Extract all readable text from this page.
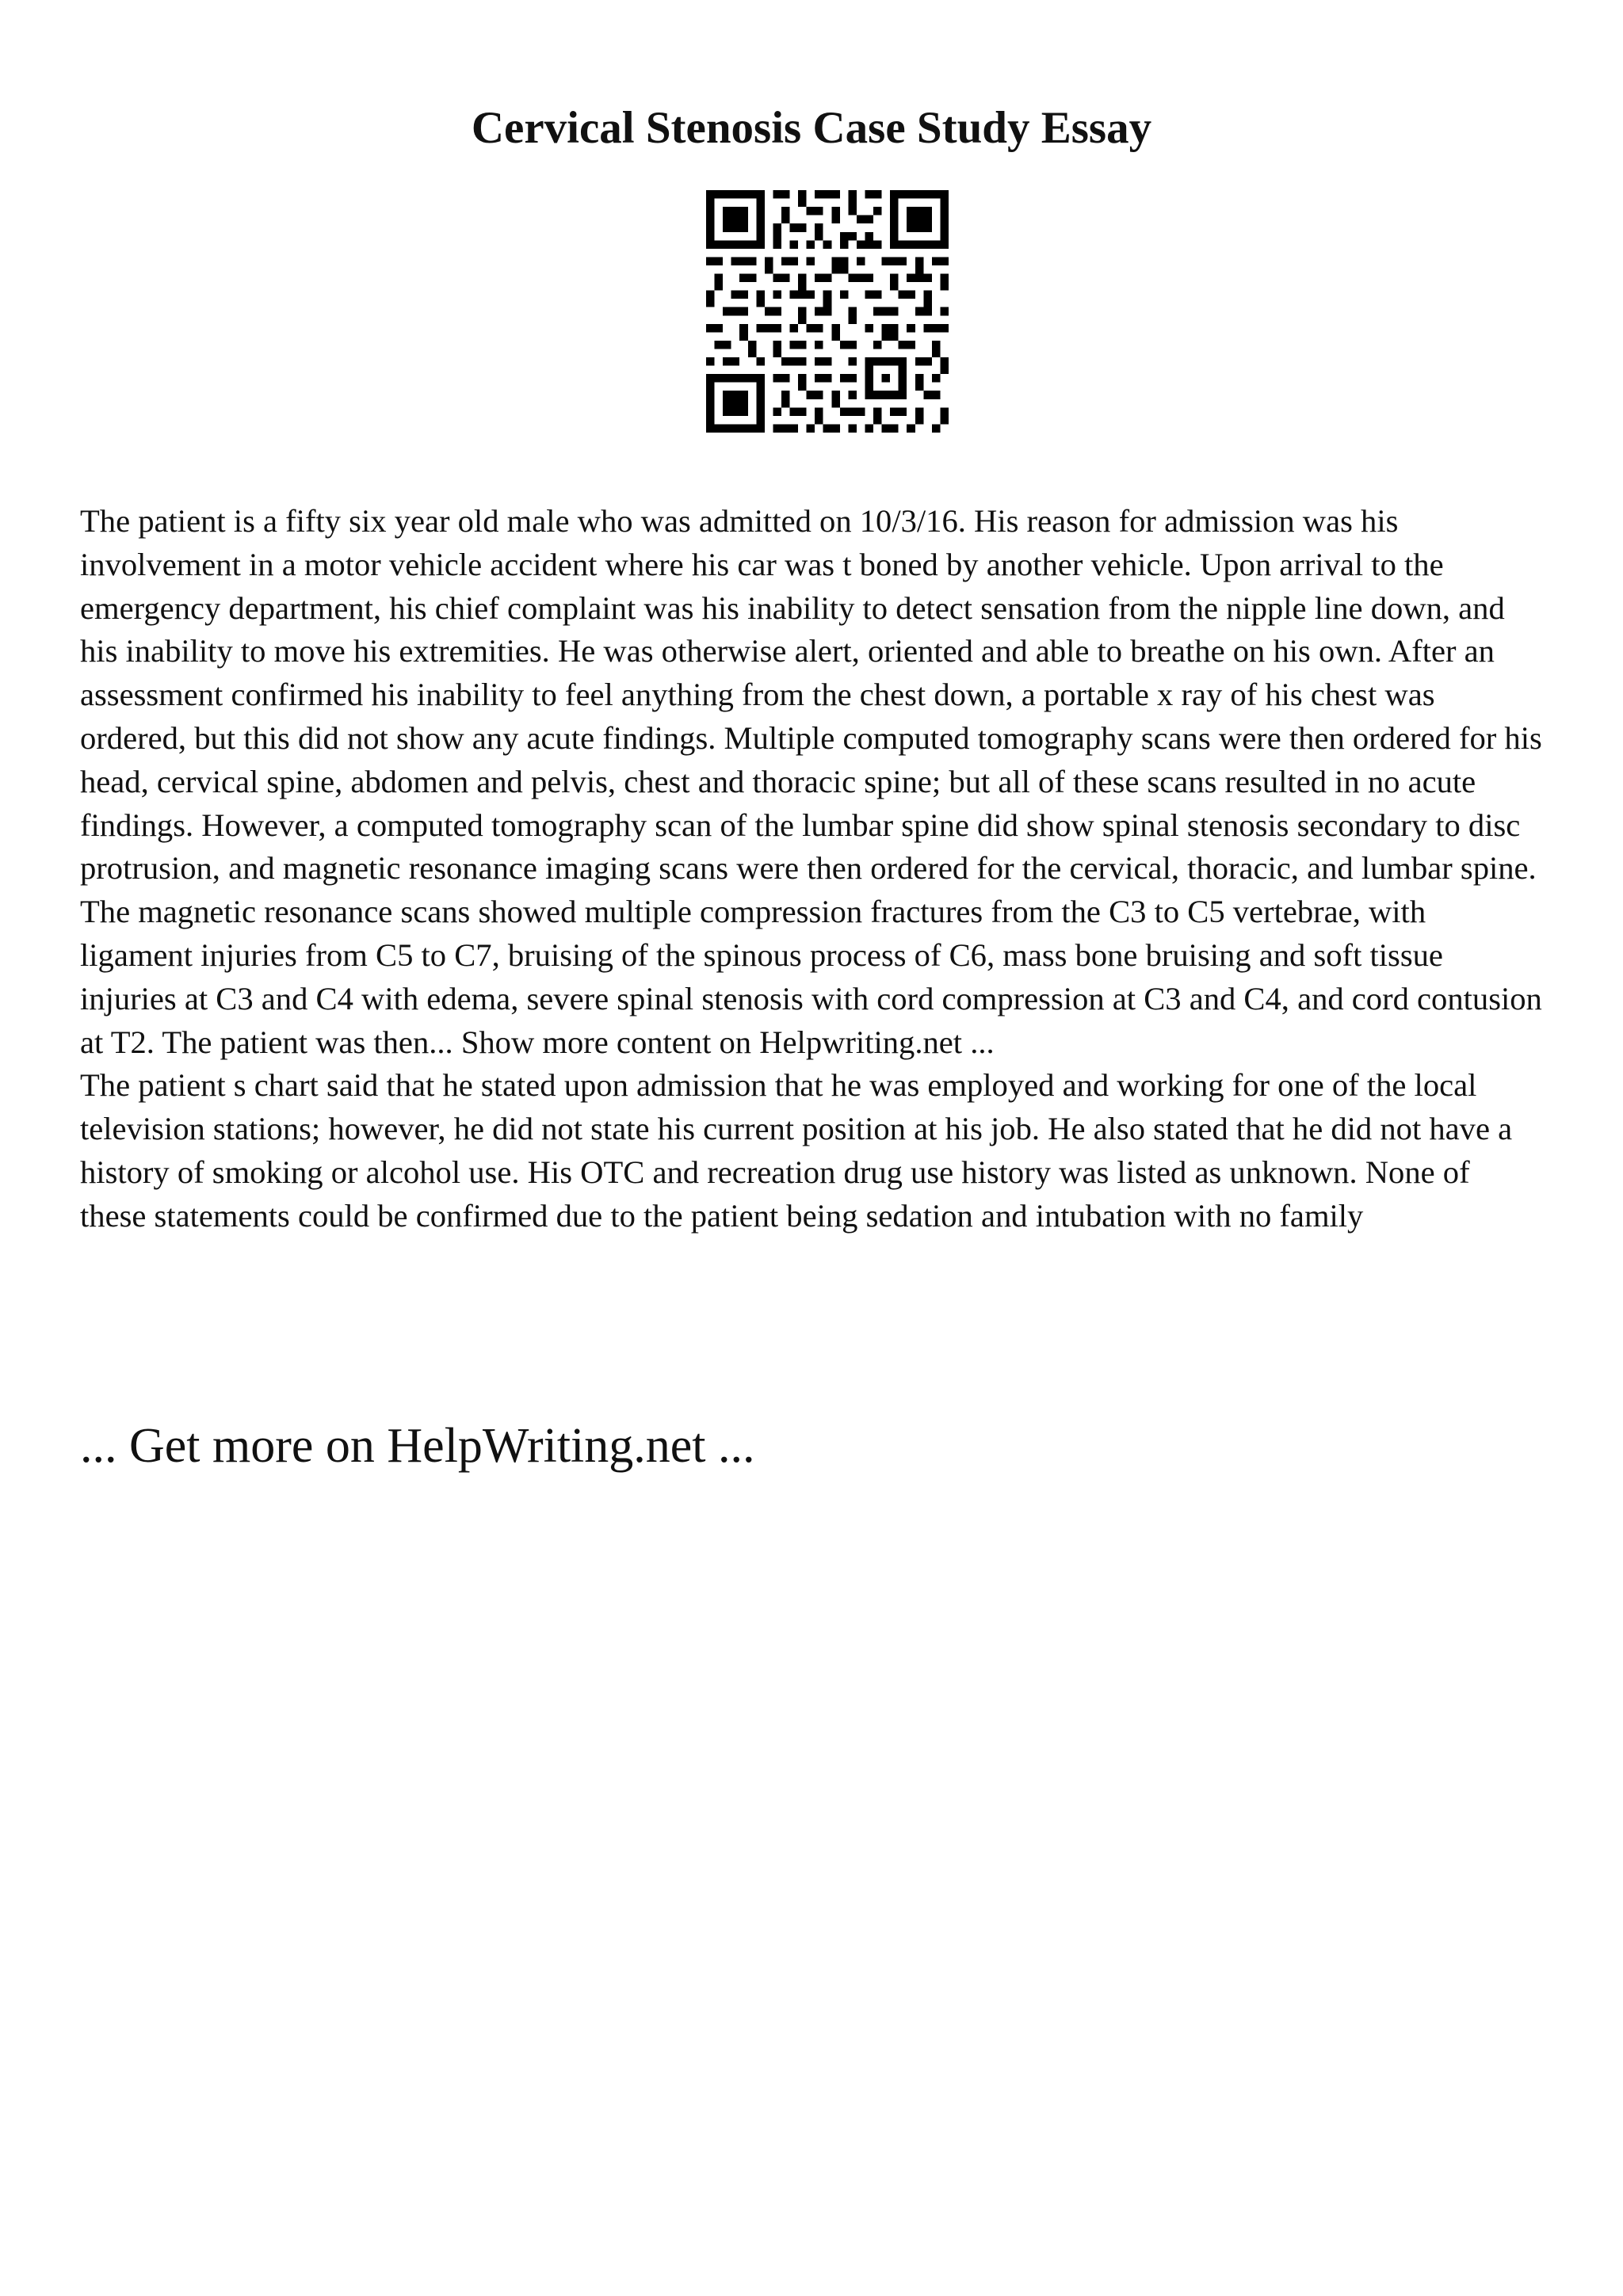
Cervical Stenosis Case Study Essay

The patient is a fifty six year old male who was admitted on 10/3/16. His reason for admission was his involvement in a motor vehicle accident where his car was t boned by another vehicle. Upon arrival to the emergency department, his chief complaint was his inability to detect sensation from the nipple line down, and his inability to move his extremities. He was otherwise alert, oriented and able to breathe on his own. After an assessment confirmed his inability to feel anything from the chest down, a portable x ray of his chest was ordered, but this did not show any acute findings. Multiple computed tomography scans were then ordered for his head, cervical spine, abdomen and pelvis, chest and thoracic spine; but all of these scans resulted in no acute findings. However, a computed tomography scan of the lumbar spine did show spinal stenosis secondary to disc protrusion, and magnetic resonance imaging scans were then ordered for the cervical, thoracic, and lumbar spine. The magnetic resonance scans showed multiple compression fractures from the C3 to C5 vertebrae, with ligament injuries from C5 to C7, bruising of the spinous process of C6, mass bone bruising and soft tissue injuries at C3 and C4 with edema, severe spinal stenosis with cord compression at C3 and C4, and cord contusion at T2. The patient was then... Show more content on Helpwriting.net ...

The patient s chart said that he stated upon admission that he was employed and working for one of the local television stations; however, he did not state his current position at his job. He also stated that he did not have a history of smoking or alcohol use. His OTC and recreation drug use history was listed as unknown. None of these statements could be confirmed due to the patient being sedation and intubation with no family

... Get more on HelpWriting.net ...
